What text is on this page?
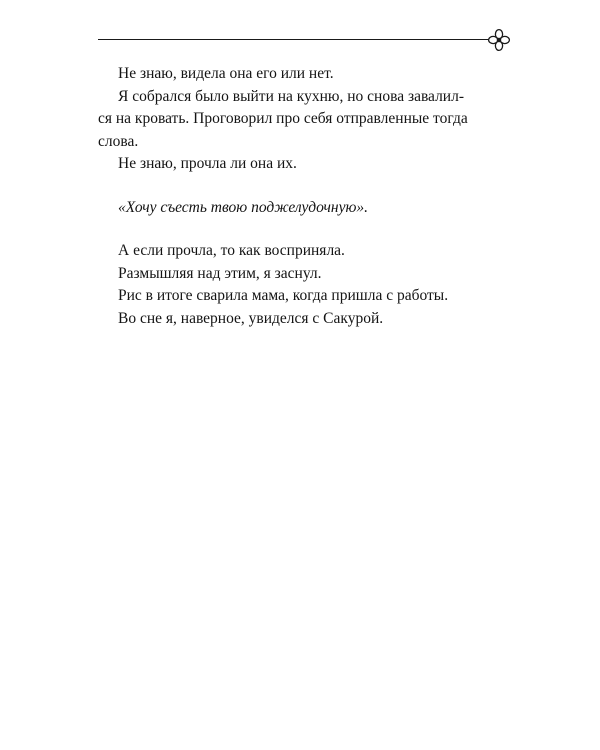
Не знаю, видела она его или нет.
Я собрался было выйти на кухню, но снова завалил-
ся на кровать. Проговорил про себя отправленные тогда
слова.
Не знаю, прочла ли она их.
«Хочу съесть твою поджелудочную».
А если прочла, то как восприняла.
Размышляя над этим, я заснул.
Рис в итоге сварила мама, когда пришла с работы.
Во сне я, наверное, увиделся с Сакурой.
